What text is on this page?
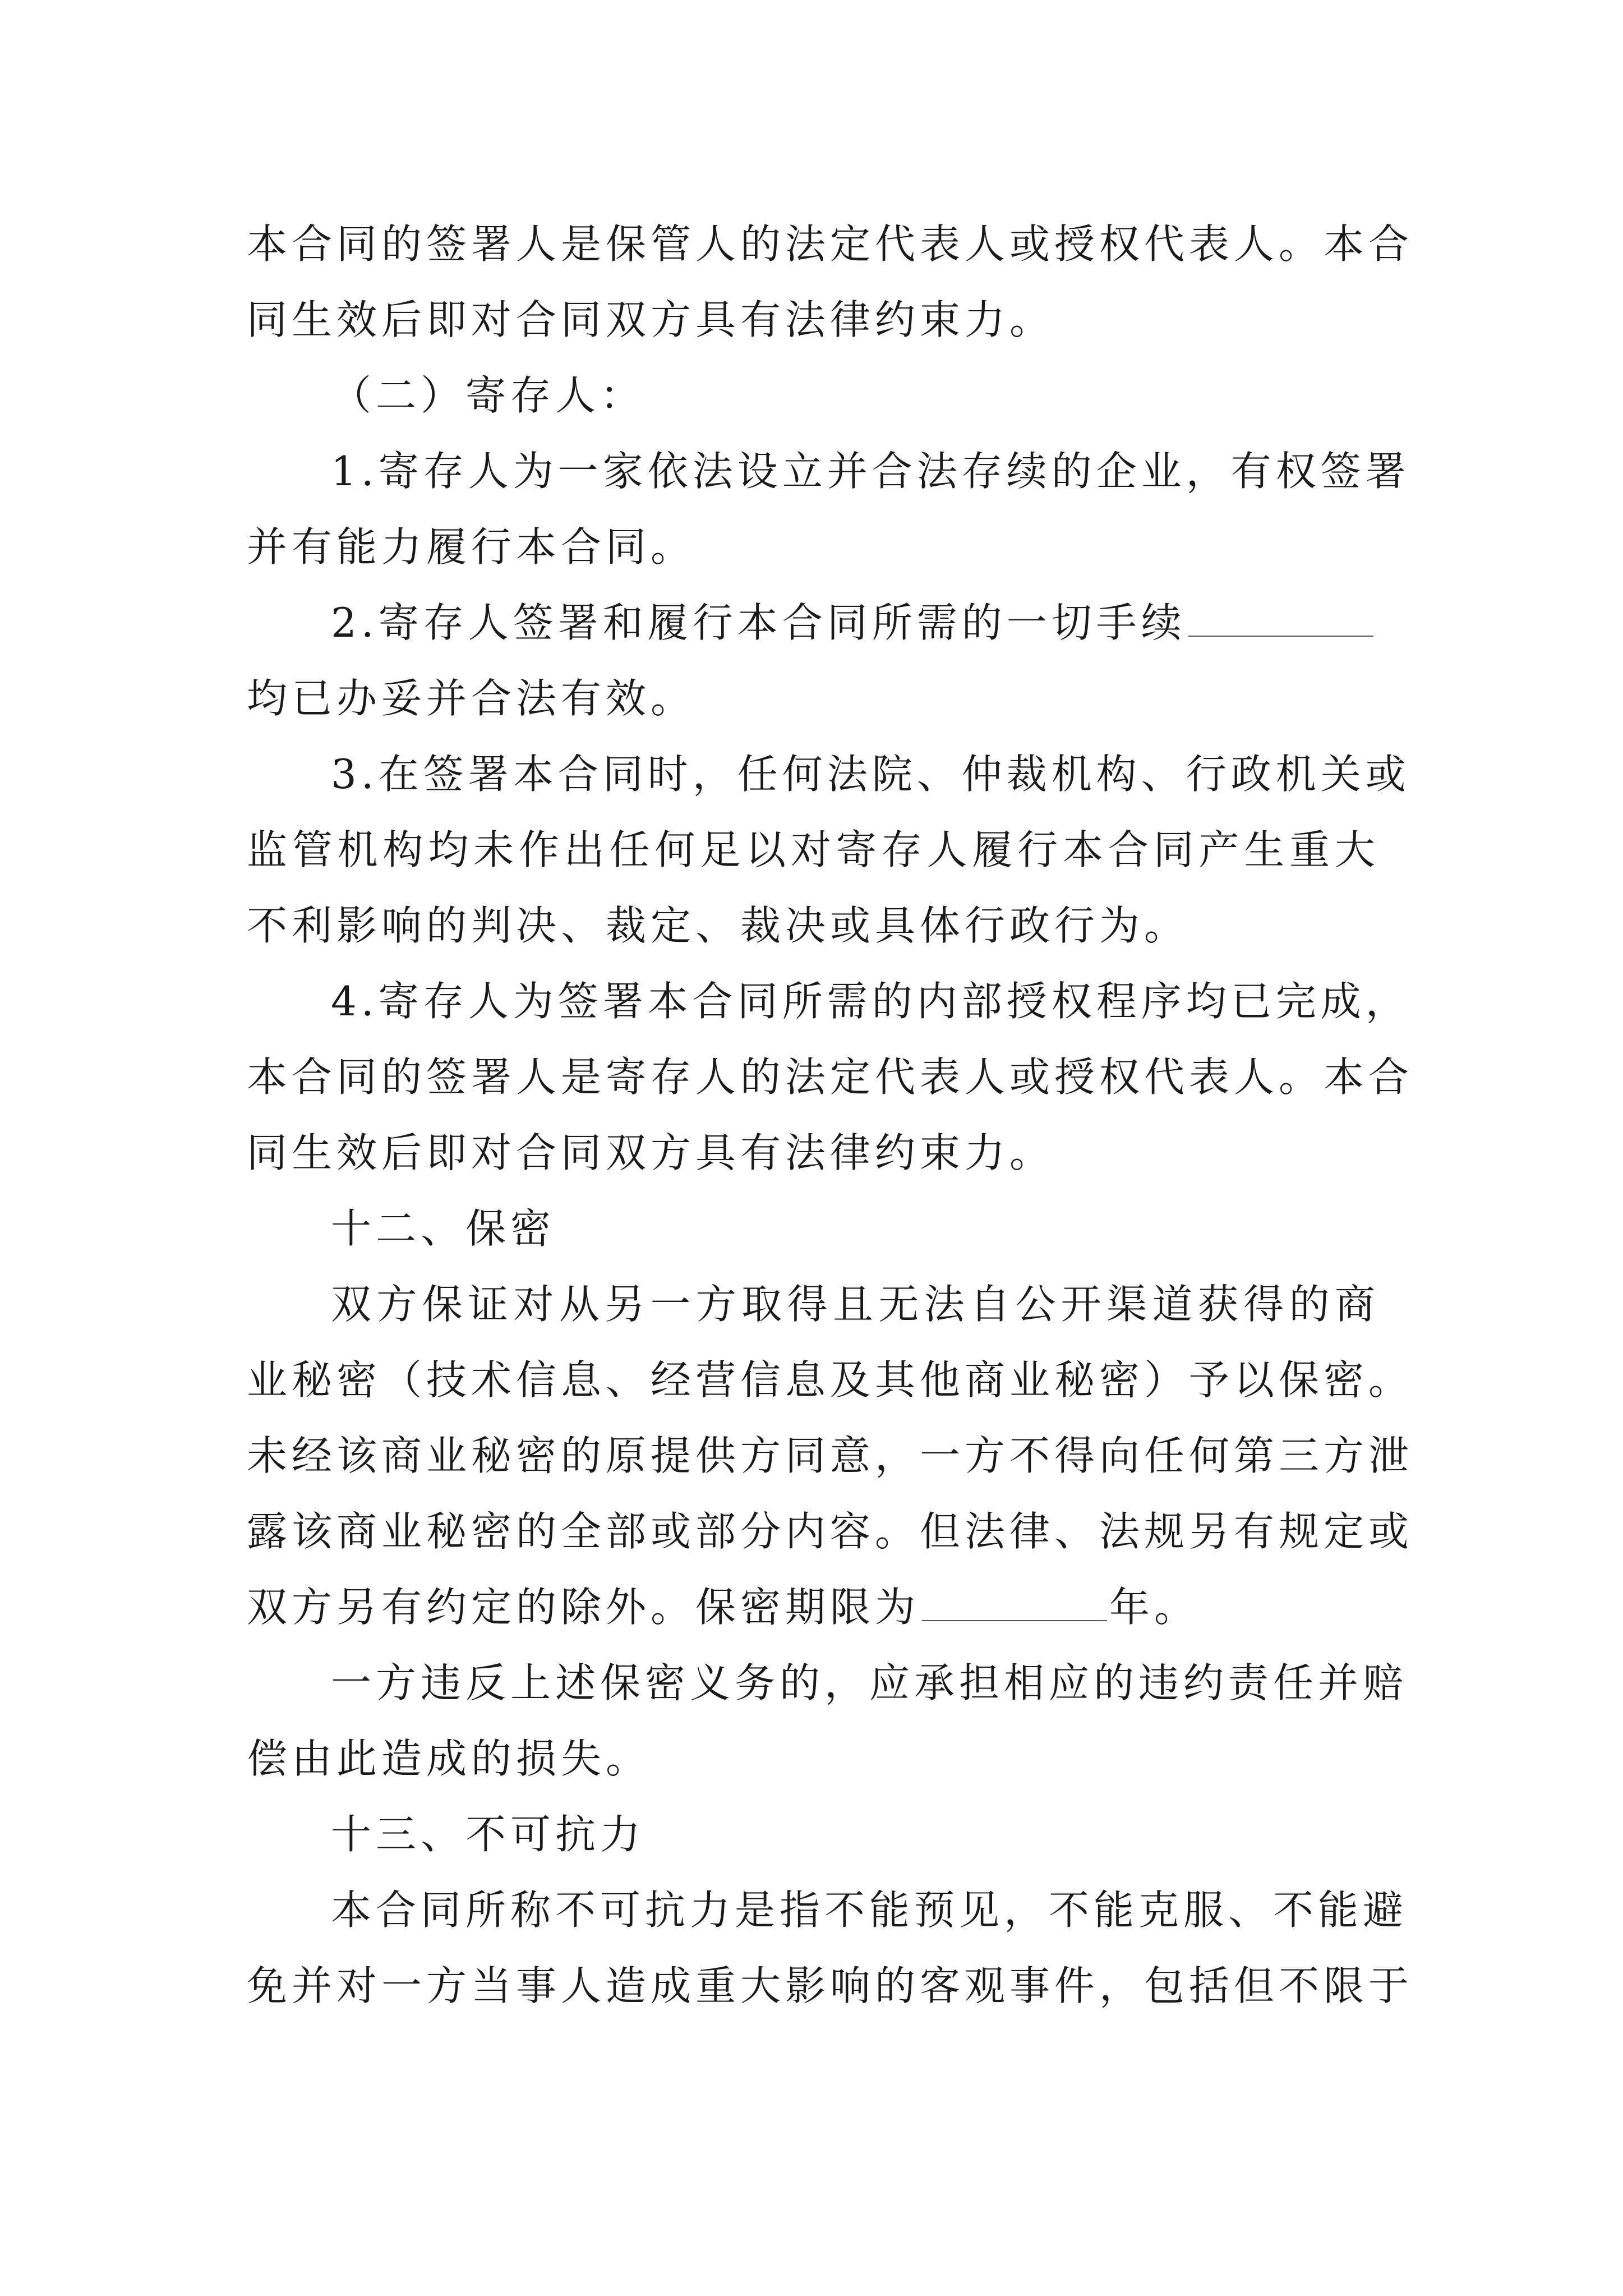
本合同的签署人是保管人的法定代表人或授权代表人。本合
同生效后即对合同双方具有法律约束力。
（二）寄存人：
1.寄存人为一家依法设立并合法存续的企业，有权签署
并有能力履行本合同。
2.寄存人签署和履行本合同所需的一切手续
均已办妥并合法有效。
3.在签署本合同时，任何法院、仲裁机构、行政机关或
监管机构均未作出任何足以对寄存人履行本合同产生重大
不利影响的判决、裁定、裁决或具体行政行为。
4.寄存人为签署本合同所需的内部授权程序均已完成，
本合同的签署人是寄存人的法定代表人或授权代表人。本合
同生效后即对合同双方具有法律约束力。
十二、保密
双方保证对从另一方取得且无法自公开渠道获得的商
业秘密（技术信息、经营信息及其他商业秘密）予以保密。
未经该商业秘密的原提供方同意，一方不得向任何第三方泄
露该商业秘密的全部或部分内容。但法律、法规另有规定或
双方另有约定的除外。保密期限为	年。
一方违反上述保密义务的，应承担相应的违约责任并赔
偿由此造成的损失。
十三、不可抗力
本合同所称不可抗力是指不能预见，不能克服、不能避
免并对一方当事人造成重大影响的客观事件，包括但不限于
